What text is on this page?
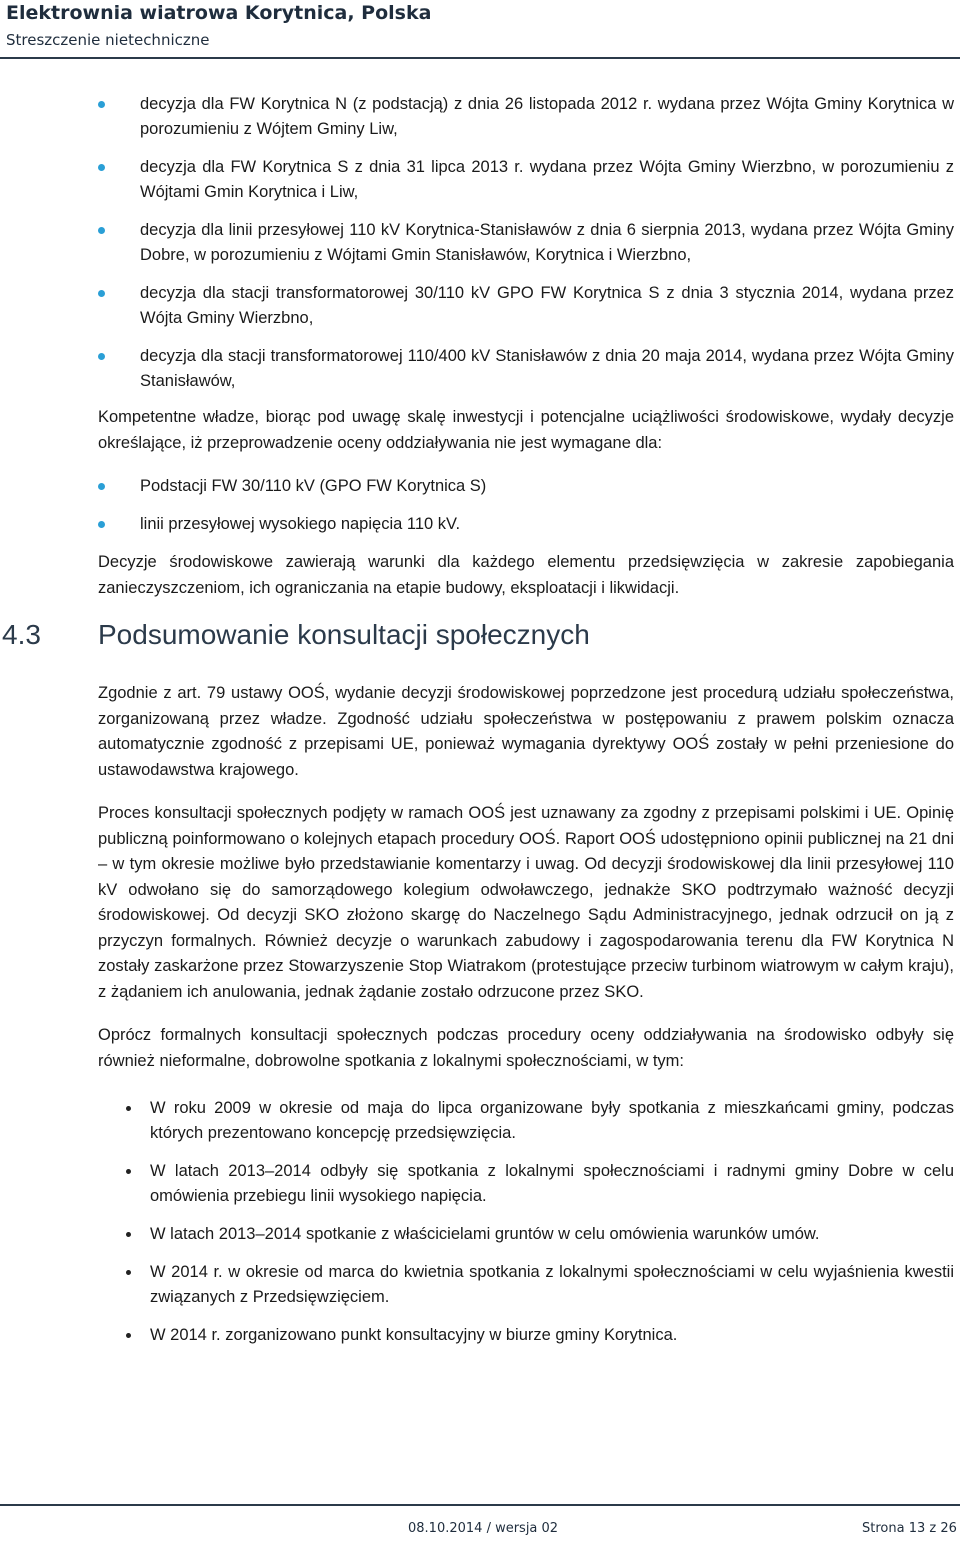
Elektrownia wiatrowa Korytnica, Polska
Streszczenie nietechniczne
decyzja dla FW Korytnica N (z podstacją) z dnia 26 listopada 2012 r. wydana przez Wójta Gminy Korytnica w porozumieniu z Wójtem Gminy Liw,
decyzja dla FW Korytnica S z dnia 31 lipca 2013 r. wydana przez Wójta Gminy Wierzbno, w porozumieniu z Wójtami Gmin Korytnica i Liw,
decyzja dla linii przesyłowej 110 kV Korytnica-Stanisławów z dnia 6 sierpnia 2013, wydana przez Wójta Gminy Dobre, w porozumieniu z Wójtami Gmin Stanisławów, Korytnica i Wierzbno,
decyzja dla stacji transformatorowej 30/110 kV GPO FW Korytnica S z dnia 3 stycznia 2014, wydana przez Wójta Gminy Wierzbno,
decyzja dla stacji transformatorowej 110/400 kV Stanisławów z dnia 20 maja 2014, wydana przez Wójta Gminy Stanisławów,

Kompetentne władze, biorąc pod uwagę skalę inwestycji i potencjalne uciążliwości środowiskowe, wydały decyzje określające, iż przeprowadzenie oceny oddziaływania nie jest wymagane dla:

Podstacji FW 30/110 kV (GPO FW Korytnica S)
linii przesyłowej wysokiego napięcia 110 kV.

Decyzje środowiskowe zawierają warunki dla każdego elementu przedsięwzięcia w zakresie zapobiegania zanieczyszczeniom, ich ograniczania na etapie budowy, eksploatacji i likwidacji.

4.3 Podsumowanie konsultacji społecznych

Zgodnie z art. 79 ustawy OOŚ, wydanie decyzji środowiskowej poprzedzone jest procedurą udziału społeczeństwa, zorganizowaną przez władze. Zgodność udziału społeczeństwa w postępowaniu z prawem polskim oznacza automatycznie zgodność z przepisami UE, ponieważ wymagania dyrektywy OOŚ zostały w pełni przeniesione do ustawodawstwa krajowego.

Proces konsultacji społecznych podjęty w ramach OOŚ jest uznawany za zgodny z przepisami polskimi i UE. Opinię publiczną poinformowano o kolejnych etapach procedury OOŚ. Raport OOŚ udostępniono opinii publicznej na 21 dni – w tym okresie możliwe było przedstawianie komentarzy i uwag. Od decyzji środowiskowej dla linii przesyłowej 110 kV odwołano się do samorządowego kolegium odwoławczego, jednakże SKO podtrzymało ważność decyzji środowiskowej. Od decyzji SKO złożono skargę do Naczelnego Sądu Administracyjnego, jednak odrzucił on ją z przyczyn formalnych. Również decyzje o warunkach zabudowy i zagospodarowania terenu dla FW Korytnica N zostały zaskarżone przez Stowarzyszenie Stop Wiatrakom (protestujące przeciw turbinom wiatrowym w całym kraju), z żądaniem ich anulowania, jednak żądanie zostało odrzucone przez SKO.

Oprócz formalnych konsultacji społecznych podczas procedury oceny oddziaływania na środowisko odbyły się również nieformalne, dobrowolne spotkania z lokalnymi społecznościami, w tym:

W roku 2009 w okresie od maja do lipca organizowane były spotkania z mieszkańcami gminy, podczas których prezentowano koncepcję przedsięwzięcia.
W latach 2013–2014 odbyły się spotkania z lokalnymi społecznościami i radnymi gminy Dobre w celu omówienia przebiegu linii wysokiego napięcia.
W latach 2013–2014 spotkanie z właścicielami gruntów w celu omówienia warunków umów.
W 2014 r. w okresie od marca do kwietnia spotkania z lokalnymi społecznościami w celu wyjaśnienia kwestii związanych z Przedsięwzięciem.
W 2014 r. zorganizowano punkt konsultacyjny w biurze gminy Korytnica.
08.10.2014 / wersja 02	Strona 13 z 26
